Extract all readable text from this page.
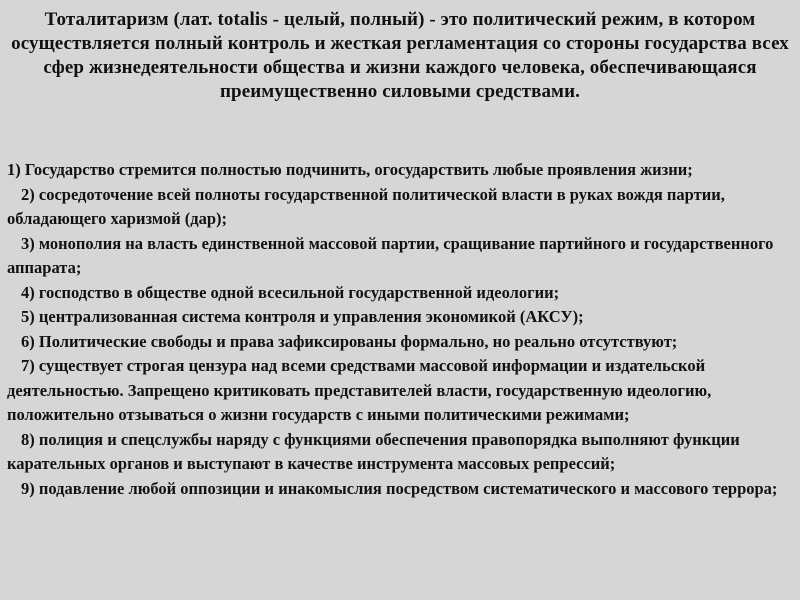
Тоталитаризм (лат. totalis - целый, полный) - это политический режим, в котором осуществляется полный контроль и жесткая регламентация со стороны государства всех сфер жизнедеятельности общества и жизни каждого человека, обеспечивающаяся преимущественно силовыми средствами.

1) Государство стремится полностью подчинить, огосударствить любые проявления жизни;
2) сосредоточение всей полноты государственной политической власти в руках вождя партии, обладающего харизмой (дар);
3) монополия на власть единственной массовой партии, сращивание партийного и государственного аппарата;
4) господство в обществе одной всесильной государственной идеологии;
5) централизованная система контроля и управления экономикой (АКСУ);
6) Политические свободы и права зафиксированы формально, но реально отсутствуют;
7) существует строгая цензура над всеми средствами массовой информации и издательской деятельностью. Запрещено критиковать представителей власти, государственную идеологию, положительно отзываться о жизни государств с иными политическими режимами;
8) полиция и спецслужбы наряду с функциями обеспечения правопорядка выполняют функции карательных органов и выступают в качестве инструмента массовых репрессий;
9) подавление любой оппозиции и инакомыслия посредством систематического и массового террора;
